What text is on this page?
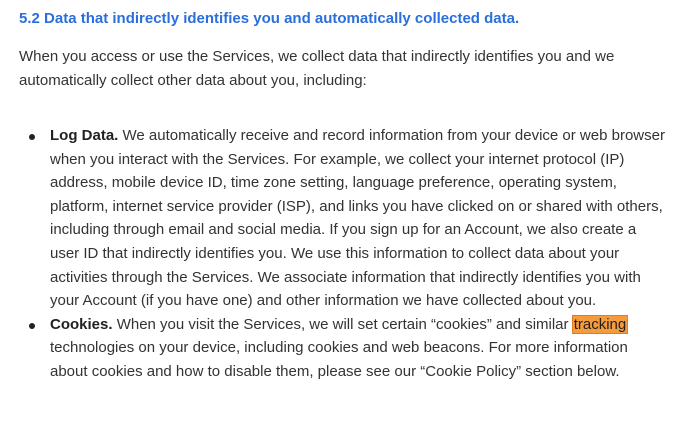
5.2 Data that indirectly identifies you and automatically collected data.

When you access or use the Services, we collect data that indirectly identifies you and we automatically collect other data about you, including:

Log Data. We automatically receive and record information from your device or web browser when you interact with the Services. For example, we collect your internet protocol (IP) address, mobile device ID, time zone setting, language preference, operating system, platform, internet service provider (ISP), and links you have clicked on or shared with others, including through email and social media. If you sign up for an Account, we also create a user ID that indirectly identifies you. We use this information to collect data about your activities through the Services. We associate information that indirectly identifies you with your Account (if you have one) and other information we have collected about you.
Cookies. When you visit the Services, we will set certain “cookies” and similar tracking technologies on your device, including cookies and web beacons. For more information about cookies and how to disable them, please see our “Cookie Policy” section below.
